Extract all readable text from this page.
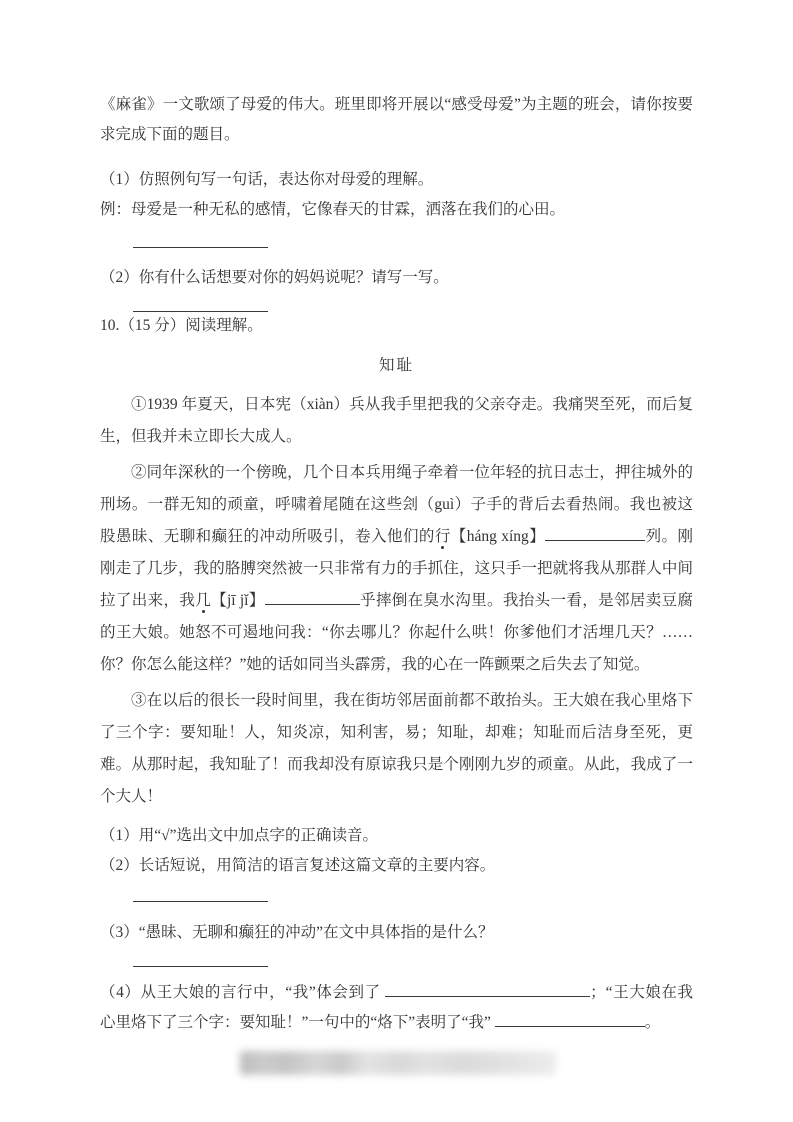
《麻雀》一文歌颂了母爱的伟大。班里即将开展以“感受母爱”为主题的班会，请你按要求完成下面的题目。

（1）仿照例句写一句话，表达你对母爱的理解。

例：母爱是一种无私的感情，它像春天的甘霖，洒落在我们的心田。

（2）你有什么话想要对你的妈妈说呢？请写一写。

10.（15 分）阅读理解。

知耻

①1939 年夏天，日本宪（xiàn）兵从我手里把我的父亲夺走。我痛哭至死，而后复生，但我并未立即长大成人。

②同年深秋的一个傍晚，几个日本兵用绳子牵着一位年轻的抗日志士，押往城外的刑场。一群无知的顽童，呼啸着尾随在这些刽（guì）子手的背后去看热闹。我也被这股愚昧、无聊和癫狂的冲动所吸引，卷入他们的行【háng xíng】	列。刚刚走了几步，我的胳膊突然被一只非常有力的手抓住，这只手一把就将我从那群人中间拉了出来，我几【jī jǐ】	乎摔倒在臭水沟里。我抬头一看，是邻居卖豆腐的王大娘。她怒不可遏地问我：“你去哪儿？你起什么哄！你爹他们才活埋几天？……你？你怎么能这样？”她的话如同当头霹雳，我的心在一阵颤栗之后失去了知觉。

③在以后的很长一段时间里，我在街坊邻居面前都不敢抬头。王大娘在我心里烙下了三个字：要知耻！人，知炎凉，知利害，易；知耻，却难；知耻而后洁身至死，更难。从那时起，我知耻了！而我却没有原谅我只是个刚刚九岁的顽童。从此，我成了一个大人！

（1）用“√”选出文中加点字的正确读音。

（2）长话短说，用简洁的语言复述这篇文章的主要内容。

（3）“愚昧、无聊和癫狂的冲动”在文中具体指的是什么？

（4）从王大娘的言行中，“我”体会到了	；“王大娘在我心里烙下了三个字：要知耻！”一句中的“烙下”表明了“我”	。
